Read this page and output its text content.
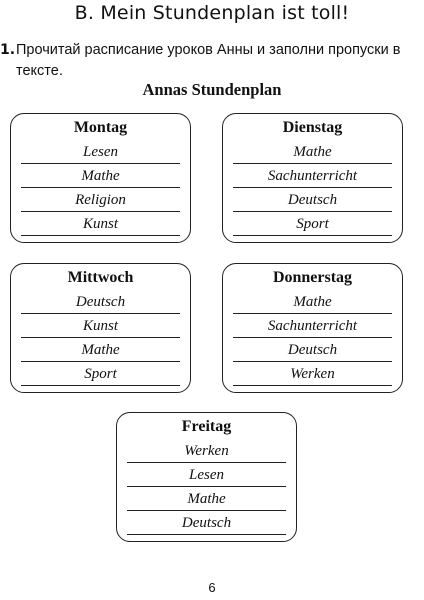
B. Mein Stundenplan ist toll!
1. Прочитай расписание уроков Анны и заполни пропуски в тексте.
Annas Stundenplan
Montag
Lesen
Mathe
Religion
Kunst
Dienstag
Mathe
Sachunterricht
Deutsch
Sport
Mittwoch
Deutsch
Kunst
Mathe
Sport
Donnerstag
Mathe
Sachunterricht
Deutsch
Werken
Freitag
Werken
Lesen
Mathe
Deutsch
6
